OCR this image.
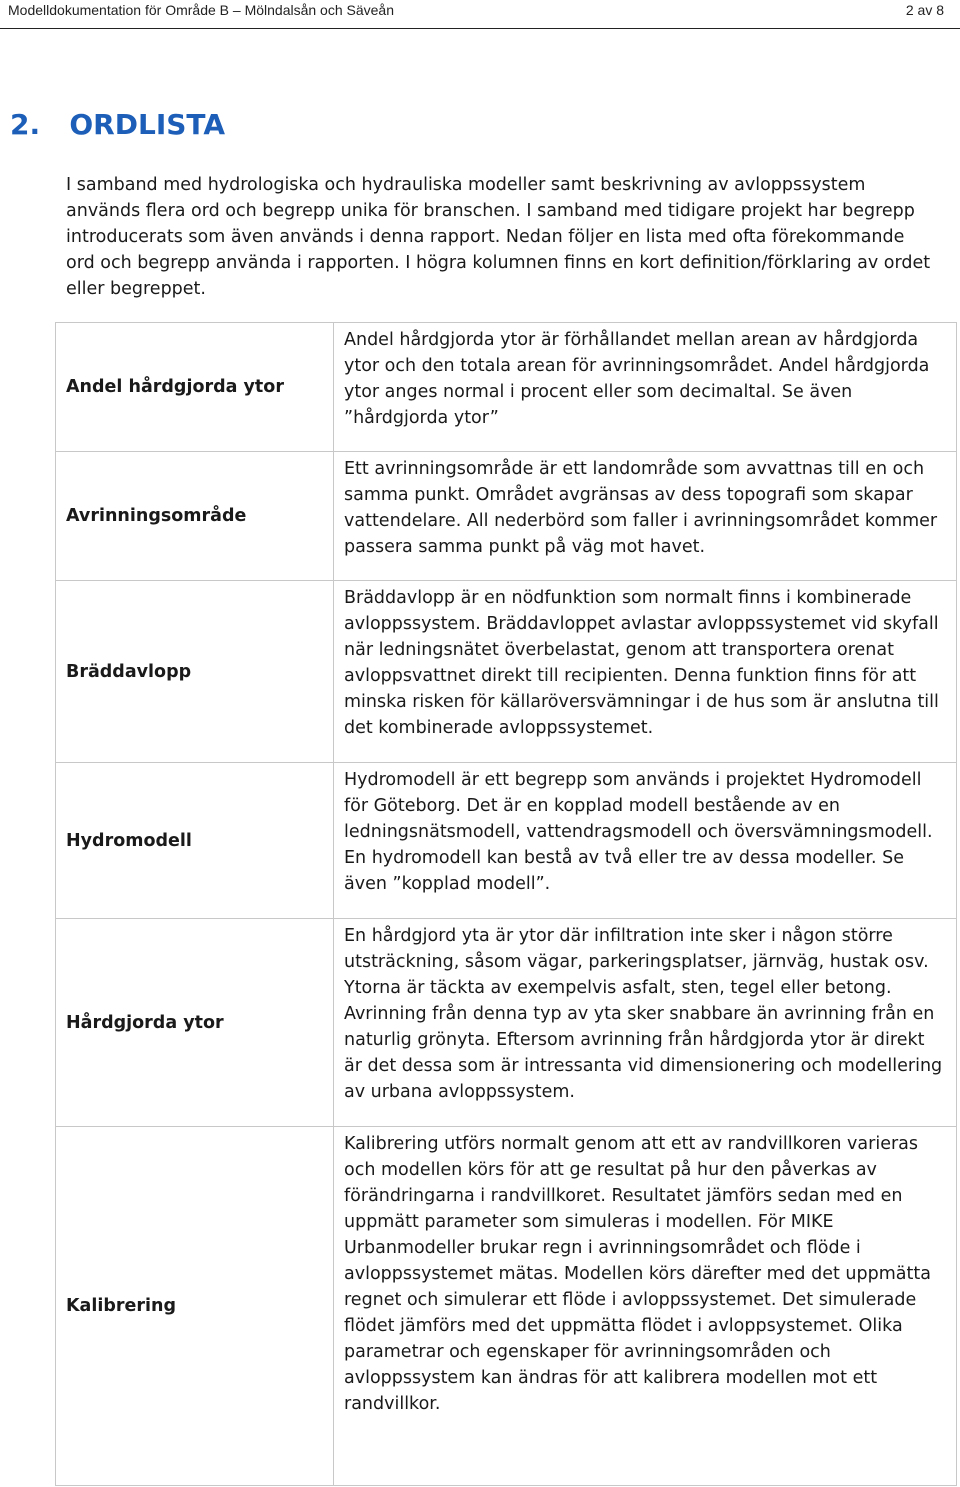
Modelldokumentation för Område B – Mölndalsån och Säveån	2 av 8
2. ORDLISTA

I samband med hydrologiska och hydrauliska modeller samt beskrivning av avloppssystem används flera ord och begrepp unika för branschen. I samband med tidigare projekt har begrepp introducerats som även används i denna rapport. Nedan följer en lista med ofta förekommande ord och begrepp använda i rapporten. I högra kolumnen finns en kort definition/förklaring av ordet eller begreppet.

Andel hårdgjorda ytor	Andel hårdgjorda ytor är förhållandet mellan arean av hårdgjorda ytor och den totala arean för avrinningsområdet. Andel hårdgjorda ytor anges normal i procent eller som decimaltal. Se även ”hårdgjorda ytor”

Avrinningsområde	Ett avrinningsområde är ett landområde som avvattnas till en och samma punkt. Området avgränsas av dess topografi som skapar vattendelare. All nederbörd som faller i avrinningsområdet kommer passera samma punkt på väg mot havet.

Bräddavlopp	Bräddavlopp är en nödfunktion som normalt finns i kombinerade avloppssystem. Bräddavloppet avlastar avloppssystemet vid skyfall när ledningsnätet överbelastat, genom att transportera orenat avloppsvattnet direkt till recipienten. Denna funktion finns för att minska risken för källaröversvämningar i de hus som är anslutna till det kombinerade avloppssystemet.

Hydromodell	Hydromodell är ett begrepp som används i projektet Hydromodell för Göteborg. Det är en kopplad modell bestående av en ledningsnätsmodell, vattendragsmodell och översvämningsmodell. En hydromodell kan bestå av två eller tre av dessa modeller. Se även ”kopplad modell”.

Hårdgjorda ytor	En hårdgjord yta är ytor där infiltration inte sker i någon större utsträckning, såsom vägar, parkeringsplatser, järnväg, hustak osv. Ytorna är täckta av exempelvis asfalt, sten, tegel eller betong. Avrinning från denna typ av yta sker snabbare än avrinning från en naturlig grönyta. Eftersom avrinning från hårdgjorda ytor är direkt är det dessa som är intressanta vid dimensionering och modellering av urbana avloppssystem.

Kalibrering	Kalibrering utförs normalt genom att ett av randvillkoren varieras och modellen körs för att ge resultat på hur den påverkas av förändringarna i randvillkoret. Resultatet jämförs sedan med en uppmätt parameter som simuleras i modellen. För MIKE Urbanmodeller brukar regn i avrinningsområdet och flöde i avloppssystemet mätas. Modellen körs därefter med det uppmätta regnet och simulerar ett flöde i avloppssystemet. Det simulerade flödet jämförs med det uppmätta flödet i avloppsystemet. Olika parametrar och egenskaper för avrinningsområden och avloppssystem kan ändras för att kalibrera modellen mot ett randvillkor.
